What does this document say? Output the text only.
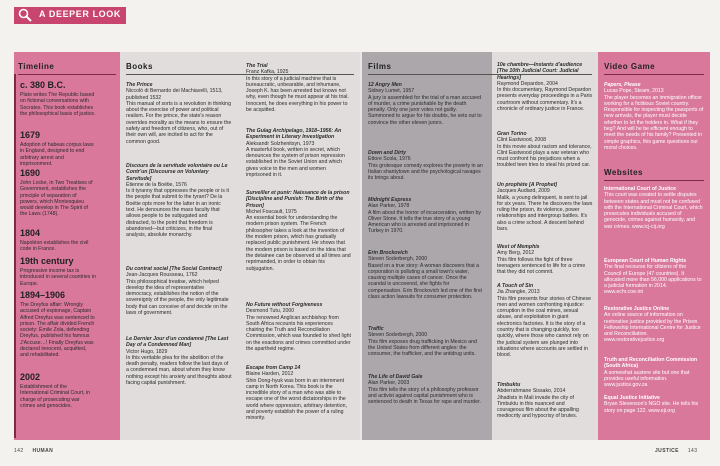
A DEEPER LOOK
Timeline	Books	Films	Video Game
c. 380 B.C.
Plato writes The Republic based on fictional conversations with Socrates. This book establishes the philosophical basis of justice.
1679
Adoption of habeas corpus laws in England, designed to end arbitrary arrest and imprisonment.
1690
John Locke, in Two Treatises of Government, establishes the principle of separation of powers, which Montesquieu would develop in The Spirit of the Laws (1748).
1804
Napoléon establishes the civil code in France.
19th century
Progressive income tax is introduced in several countries in Europe.
1894–1906
The Dreyfus affair: Wrongly accused of espionage, Captain Alfred Dreyfus was sentenced to prison. The affair divided French society: Émile Zola, defending Dreyfus, published his famous J'Accuse…! Finally Dreyfus was declared innocent, acquitted, and rehabilitated.
2002
Establishment of the International Criminal Court, in charge of prosecuting war crimes and genocides.
The Prince
Niccolò di Bernardo dei Machiavelli, 1513, published 1532
This manual of sorts is a revolution in thinking about the exercise of power and political realism. For the prince, the state's reason overrides morality as the means to ensure the safety and freedom of citizens, who, out of their own will, are incited to act for the common good.
Discours de la servitude volontaire ou Le Contr'un [Discourse on Voluntary Servitude]
Étienne de la Boétie, 1576
Is it tyranny that oppresses the people or is it the people that submit to the tyrant? De la Boétie opts more for the latter in an ironic text. He denounces the mass faculty that allows people to be subjugated and distracted, to the point that freedom is abandoned—but criticizes, in the final analysis, absolute monarchy.
Du contrat social [The Social Contract]
Jean-Jacques Rousseau, 1762
This philosophical treatise, which helped develop the idea of representative democracy, establishes the notion of the sovereignty of the people, the only legitimate body that can conceive of and decide on the laws of government.
Le Dernier Jour d'un condamné [The Last Day of a Condemned Man]
Victor Hugo, 1829
In this veritable plea for the abolition of the death penalty, readers follow the last days of a condemned man, about whom they know nothing except his anxiety and thoughts about facing capital punishment.
The Trial
Franz Kafka, 1925
In this story of a judicial machine that is bureaucratic, unbearable, and inhumane, Joseph K. has been arrested but knows not why, even though he must appear at his trial. Innocent, he does everything in his power to be acquitted.
The Gulag Archipelago, 1918–1956: An Experiment in Literary Investigation
Aleksandr Solzhenitsyn, 1973
A masterful book, written in secret, which denounces the system of prison repression established in the Soviet Union and which gives voice to the men and women imprisoned in it.
Surveiller et punir: Naissance de la prison [Discipline and Punish: The Birth of the Prison]
Michel Foucault, 1975
An essential book for understanding the modern prison system. The French philosopher takes a look at the invention of the modern prison, which has gradually replaced public punishment. He shows that the modern prison is based on the idea that the detainee can be observed at all times and reprimanded, in order to obtain his subjugation.
No Future without Forgiveness
Desmond Tutu, 2000
The renowned Anglican archbishop from South Africa recounts his experiences chairing the Truth and Reconciliation Commission, which was founded to shed light on the exactions and crimes committed under the apartheid regime.
Escape from Camp 14
Blaine Harden, 2012
Shin Dong-hyuk was born in an internment camp in North Korea. This book is the incredible story of a man who was able to escape one of the worst dictatorships in the world where oppression, arbitrary detention, and poverty establish the power of a ruling minority.
12 Angry Men
Sidney Lumet, 1957
A jury is assembled for the trial of a man accused of murder, a crime punishable by the death penalty. Only one juror votes not guilty. Summoned to argue for his doubts, he sets out to convince the other eleven jurors.
Down and Dirty
Ettore Scola, 1976
This grotesque comedy explores the poverty in an Italian shantytown and the psychological ravages its brings about.
Midnight Express
Alan Parker, 1978
A film about the horror of incarceration, written by Oliver Stone. It tells the true story of a young American who is arrested and imprisoned in Turkey in 1970.
Erin Brockovich
Steven Soderbergh, 2000
Based on a true story: A woman discovers that a corporation is polluting a small town's water, causing multiple cases of cancer. Once the scandal is uncovered, she fights for compensation. Erin Brockovich led one of the first class action lawsuits for consumer protection.
Traffic
Steven Soderbergh, 2000
This film exposes drug trafficking in Mexico and the United States from different angles: the consumer, the trafficker, and the antidrug units.
The Life of David Gale
Alan Parker, 2003
This film tells the story of a philosophy professor and activist against capital punishment who is sentenced to death in Texas for rape and murder.
10e chambre—Instants d'audience [The 10th Judicial Court: Judicial Hearings]
Raymond Depardon, 2004
In this documentary, Raymond Depardon presents everyday proceedings in a Paris courtroom without commentary. It's a chronicle of ordinary justice in France.
Gran Torino
Clint Eastwood, 2008
In this movie about racism and tolerance, Clint Eastwood plays a war veteran who must confront his prejudices when a troubled teen tries to steal his prized car.
Un prophète [A Prophet]
Jacques Audiard, 2009
Malik, a young delinquent, is sent to jail for six years. There he discovers the laws ruling the prison, its violence, power relationships and intergroup battles. It's also a crime school. A descent behind bars.
West of Memphis
Amy Berg, 2012
This film follows the fight of three teenagers sentenced to life for a crime that they did not commit.
A Touch of Sin
Jia Zhangke, 2013
This film presents four stories of Chinese men and women confronting injustice: corruption in the coal mines, sexual abuse, and exploitation in giant electronics factories. It is the story of a country that is changing quickly, too quickly, where those who cannot rely on the judicial system are plunged into situations where accounts are settled in blood.
Timbuktu
Abderrahmane Sissako, 2014
Jihadists in Mali invade the city of Timbuktu in this nuanced and courageous film about the appalling mediocrity and hypocrisy of brutes.
Papers, Please
Lucas Pope, Steam, 2013
The player becomes an immigration officer working for a fictitious Soviet country. Responsible for inspecting the passports of new arrivals, the player must decide whether to let the holders in. What if they beg? And will he be efficient enough to meet the needs of his family? Presented in simple graphics, this game questions our moral choices.
Websites
International Court of Justice
This court was created to settle disputes between states and must not be confused with the International Criminal Court, which prosecutes individuals accused of genocide, crimes against humanity, and war crimes. www.icj-cij.org
European Court of Human Rights
The final recourse for citizens of the Council of Europe (47 countries). It allocated more than 56,000 applications to a judicial formation in 2014. www.echr.coe.int
Restorative Justice Online
An online source of information on restorative justice provided by the Prison Fellowship International Centre for Justice and Reconciliation. www.restorativejustice.org
Truth and Reconciliation Commission (South Africa)
A somewhat austere site but one that provides useful information. www.justice.gov.za
Equal Justice Initiative
Bryan Stevenson's NGO site. He tells his story on page 122. www.eji.org
142 HUMAN	JUSTICE 143
